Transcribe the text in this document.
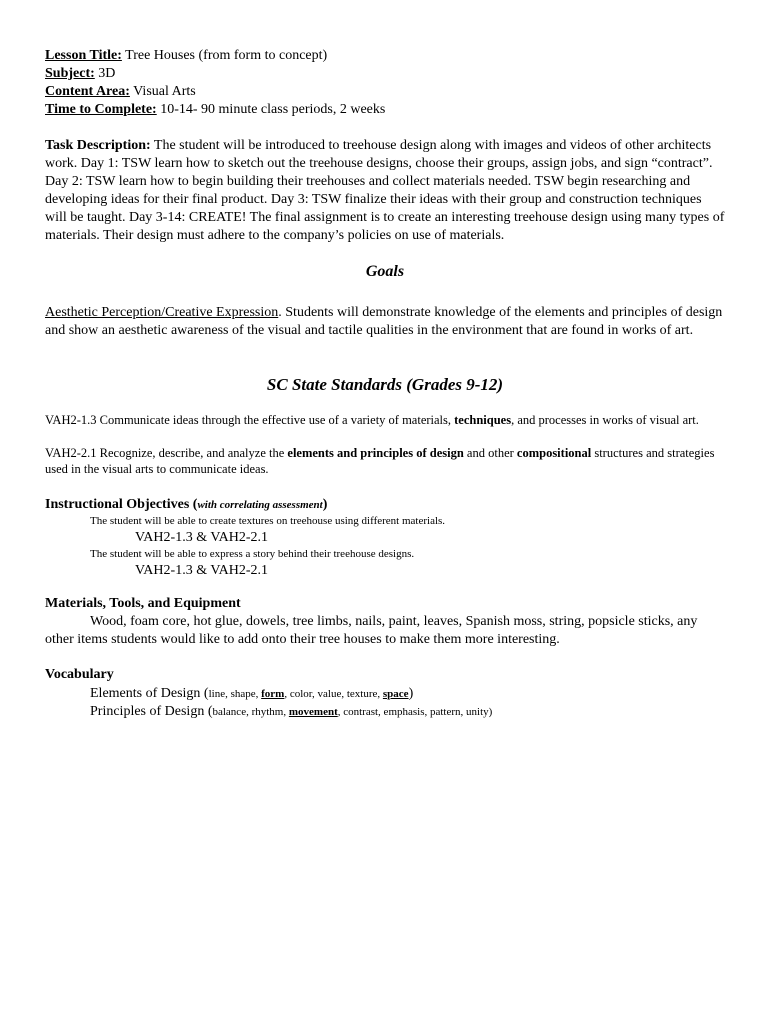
Lesson Title: Tree Houses (from form to concept)
Subject: 3D
Content Area: Visual Arts
Time to Complete: 10-14- 90 minute class periods, 2 weeks
Task Description: The student will be introduced to treehouse design along with images and videos of other architects work. Day 1: TSW learn how to sketch out the treehouse designs, choose their groups, assign jobs, and sign “contract”. Day 2: TSW learn how to begin building their treehouses and collect materials needed. TSW begin researching and developing ideas for their final product. Day 3: TSW finalize their ideas with their group and construction techniques will be taught. Day 3-14: CREATE! The final assignment is to create an interesting treehouse design using many types of materials. Their design must adhere to the company’s policies on use of materials.
Goals
Aesthetic Perception/Creative Expression. Students will demonstrate knowledge of the elements and principles of design and show an aesthetic awareness of the visual and tactile qualities in the environment that are found in works of art.
SC State Standards (Grades 9-12)
VAH2-1.3 Communicate ideas through the effective use of a variety of materials, techniques, and processes in works of visual art.
VAH2-2.1 Recognize, describe, and analyze the elements and principles of design and other compositional structures and strategies used in the visual arts to communicate ideas.
Instructional Objectives (with correlating assessment)
The student will be able to create textures on treehouse using different materials.
VAH2-1.3 & VAH2-2.1
The student will be able to express a story behind their treehouse designs.
VAH2-1.3 & VAH2-2.1
Materials, Tools, and Equipment
Wood, foam core, hot glue, dowels, tree limbs, nails, paint, leaves, Spanish moss, string, popsicle sticks, any other items students would like to add onto their tree houses to make them more interesting.
Vocabulary
Elements of Design (line, shape, form, color, value, texture, space)
Principles of Design (balance, rhythm, movement, contrast, emphasis, pattern, unity)
